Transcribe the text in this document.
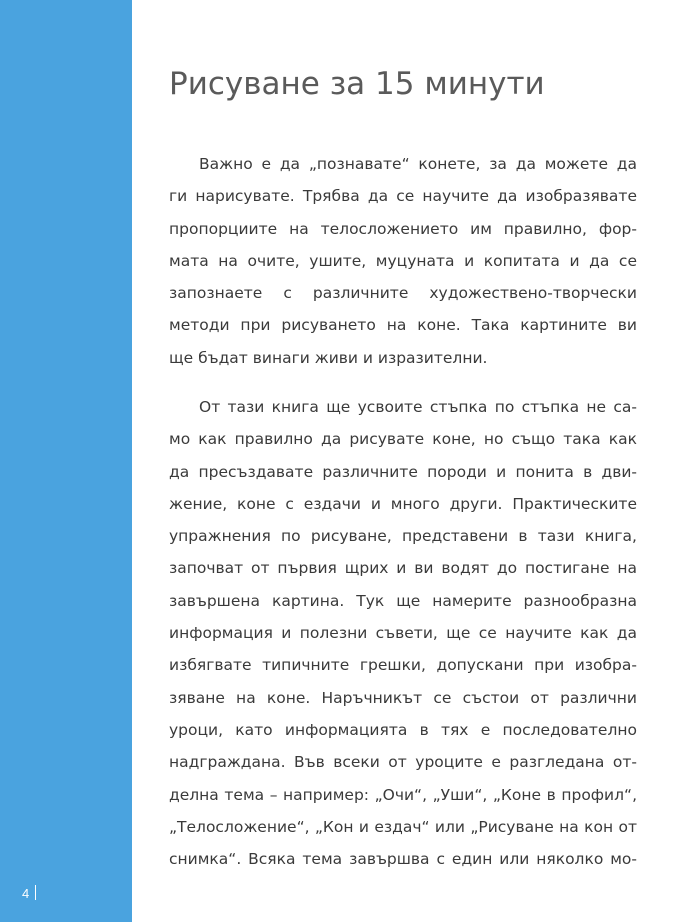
4
Рисуване за 15 минути
Важно е да „познавате“ конете, за да можете да
ги нарисувате. Трябва да се научите да изобразявате
пропорциите на телосложението им правилно, фор-
мата на очите, ушите, муцуната и копитата и да се
запознаете с различните художествено-творчески
методи при рисуването на коне. Така картините ви
ще бъдат винаги живи и изразителни.
От тази книга ще усвоите стъпка по стъпка не са-
мо как правилно да рисувате коне, но също така как
да пресъздавате различните породи и понита в дви-
жение, коне с ездачи и много други. Практическите
упражнения по рисуване, представени в тази книга,
започват от първия щрих и ви водят до постигане на
завършена картина. Тук ще намерите разнообразна
информация и полезни съвети, ще се научите как да
избягвате типичните грешки, допускани при изобра-
зяване на коне. Наръчникът се състои от различни
уроци, като информацията в тях е последователно
надграждана. Във всеки от уроците е разгледана от-
делна тема – например: „Очи“, „Уши“, „Коне в профил“,
„Телосложение“, „Кон и ездач“ или „Рисуване на кон от
снимка“. Всяка тема завършва с един или няколко мо-
